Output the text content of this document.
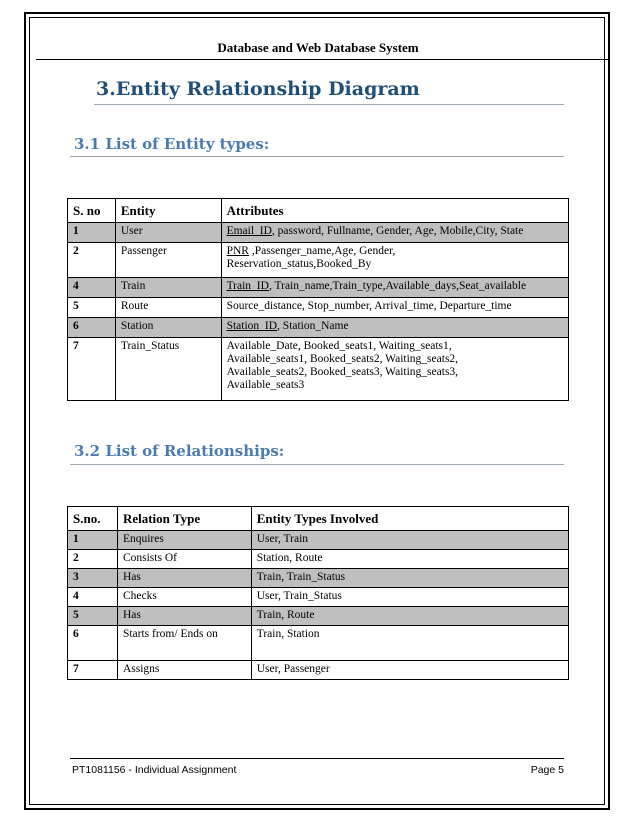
Database and Web Database System
3.Entity Relationship Diagram
3.1 List of Entity types:
S. no	Entity	Attributes
1	User	Email_ID, password, Fullname, Gender, Age, Mobile,City, State
2	Passenger	PNR ,Passenger_name,Age, Gender,
Reservation_status,Booked_By
4	Train	Train_ID, Train_name,Train_type,Available_days,Seat_available
5	Route	Source_distance, Stop_number, Arrival_time, Departure_time
6	Station	Station_ID, Station_Name
7	Train_Status	Available_Date, Booked_seats1, Waiting_seats1,
Available_seats1, Booked_seats2, Waiting_seats2,
Available_seats2, Booked_seats3, Waiting_seats3,
Available_seats3
3.2 List of Relationships:
S.no.	Relation Type	Entity Types Involved
1	Enquires	User, Train
2	Consists Of	Station, Route
3	Has	Train, Train_Status
4	Checks	User, Train_Status
5	Has	Train, Route
6	Starts from/ Ends on	Train, Station
7	Assigns	User, Passenger
PT1081156 - Individual Assignment	Page 5
